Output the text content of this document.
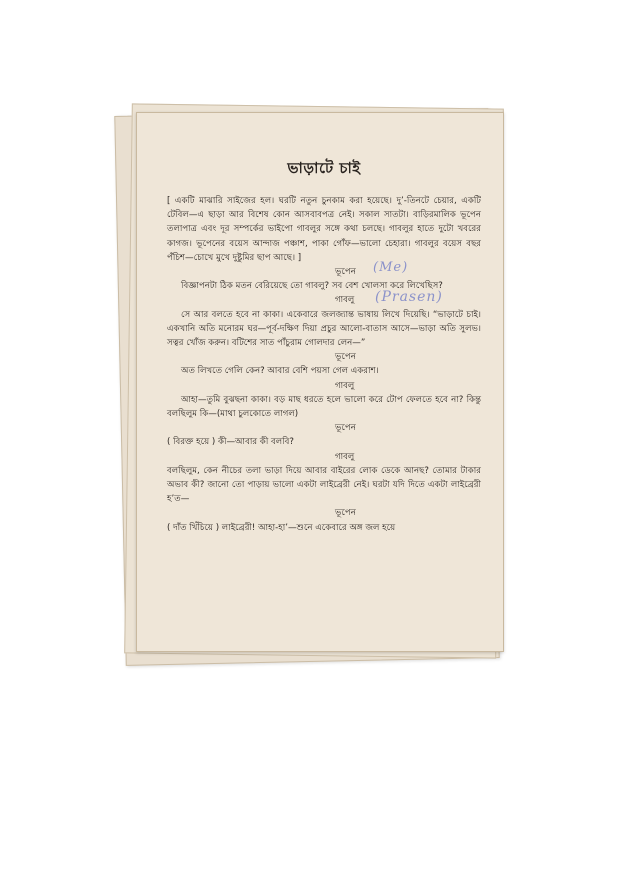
ভাড়াটে চাই

[ একটি মাঝারি সাইজের হল। ঘরটি নতুন চুনকাম করা হয়েছে। দু’-তিনটে চেয়ার, একটি টেবিল—এ ছাড়া আর বিশেষ কোন আসবাবপত্র নেই। সকাল সাতটা। বাড়িরমালিক ভূপেন তলাপাত্র এবং দূর সম্পর্কের ভাইপো গাবলুর সঙ্গে কথা চলছে। গাবলুর হাতে দুটো খবরের কাগজ। ভূপেনের বয়েস আন্দাজ পঞ্চাশ, পাকা গোঁফ—ভালো চেহারা। গাবলুর বয়েস বছর পঁচিশ—চোখে মুখে দুষ্টুমির ছাপ আছে। ]

ভূপেন (Me)

বিজ্ঞাপনটা ঠিক মতন বেরিয়েছে তো গাবলু? সব বেশ খোলসা করে লিখেছিস?

গাবলু (Prasen)

সে আর বলতে হবে না কাকা। একেবারে জলজ্যান্ত ভাষায় লিখে দিয়েছি। “ভাড়াটে চাই। একখানি অতি মনোরম ঘর—পূর্ব-দক্ষিণ দিয়া প্রচুর আলো-বাতাস আসে—ভাড়া অতি সুলভ। সত্বর খোঁজ করুন। বটিশের সাত পাঁচুরাম গোলদার লেন—”

ভূপেন

অত লিখতে গেলি কেন? আবার বেশি পয়সা গেল একরাশ।

গাবলু

আহা—তুমি বুঝছনা কাকা। বড় মাছ ধরতে হলে ভালো করে টোপ ফেলতে হবে না? কিন্তু বলছিলুম কি—(মাথা চুলকোতে লাগল)

ভূপেন

( বিরক্ত হয়ে ) কী—আবার কী বলবি?

গাবলু

বলছিলুম, কেন নীচের তলা ভাড়া দিয়ে আবার বাইরের লোক ডেকে আনছ? তোমার টাকার অভাব কী? জানো তো পাড়ায় ভালো একটা লাইব্রেরী নেই। ঘরটা যদি দিতে একটা লাইব্রেরী হ’ত—

ভূপেন

( দাঁত খিঁচিয়ে ) লাইব্রেরী! আহা-হা’—শুনে একেবারে অঙ্গ জল হয়ে
